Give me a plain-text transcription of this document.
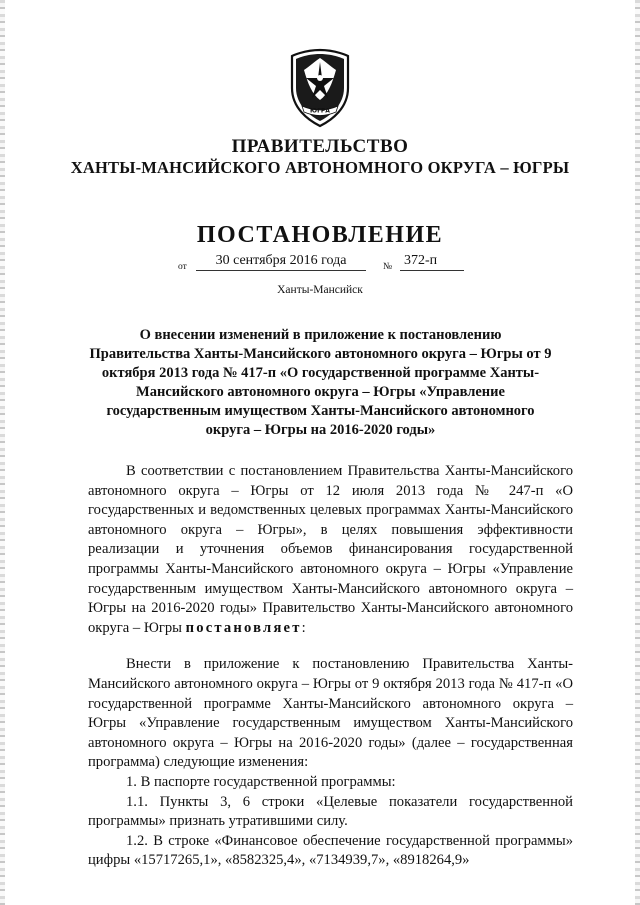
ЮГРА
ПРАВИТЕЛЬСТВО
ХАНТЫ-МАНСИЙСКОГО АВТОНОМНОГО ОКРУГА – ЮГРЫ
ПОСТАНОВЛЕНИЕ
от	30 сентября 2016 года	№ 372-п
Ханты-Мансийск
О внесении изменений в приложение к постановлению Правительства Ханты-Мансийского автономного округа – Югры от 9 октября 2013 года № 417-п «О государственной программе Ханты-Мансийского автономного округа – Югры «Управление государственным имуществом Ханты-Мансийского автономного округа – Югры на 2016-2020 годы»

В соответствии с постановлением Правительства Ханты-Мансийского автономного округа – Югры от 12 июля 2013 года № 247-п «О государственных и ведомственных целевых программах Ханты-Мансийского автономного округа – Югры», в целях повышения эффективности реализации и уточнения объемов финансирования государственной программы Ханты-Мансийского автономного округа – Югры «Управление государственным имуществом Ханты-Мансийского автономного округа – Югры на 2016-2020 годы» Правительство Ханты-Мансийского автономного округа – Югры постановляет:

Внести в приложение к постановлению Правительства Ханты-Мансийского автономного округа – Югры от 9 октября 2013 года № 417-п «О государственной программе Ханты-Мансийского автономного округа – Югры «Управление государственным имуществом Ханты-Мансийского автономного округа – Югры на 2016-2020 годы» (далее – государственная программа) следующие изменения:

1. В паспорте государственной программы:

1.1. Пункты 3, 6 строки «Целевые показатели государственной программы» признать утратившими силу.

1.2. В строке «Финансовое обеспечение государственной программы» цифры «15717265,1», «8582325,4», «7134939,7», «8918264,9»
